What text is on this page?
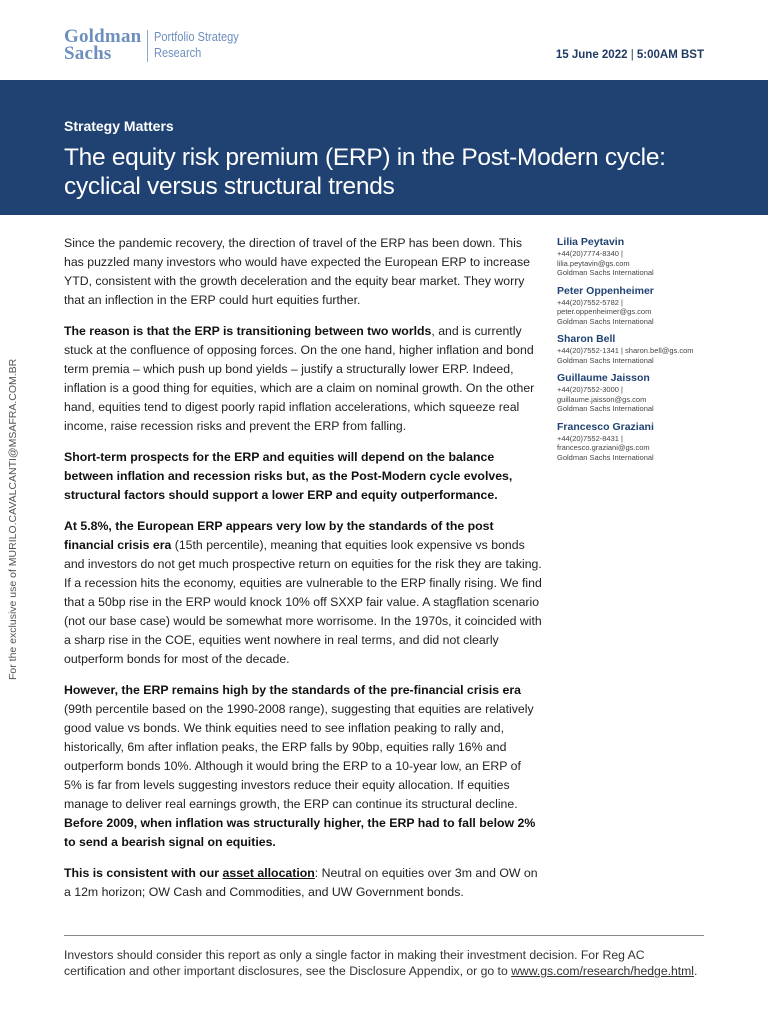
Goldman
Sachs
Portfolio Strategy
Research	15 June 2022 | 5:00AM BST
Strategy Matters
The equity risk premium (ERP) in the Post-Modern cycle:
cyclical versus structural trends
For the exclusive use of MURILO.CAVALCANTI@MSAFRA.COM.BR

Since the pandemic recovery, the direction of travel of the ERP has been down. This has puzzled many investors who would have expected the European ERP to increase YTD, consistent with the growth deceleration and the equity bear market. They worry that an inflection in the ERP could hurt equities further.

The reason is that the ERP is transitioning between two worlds, and is currently stuck at the confluence of opposing forces. On the one hand, higher inflation and bond term premia – which push up bond yields – justify a structurally lower ERP. Indeed, inflation is a good thing for equities, which are a claim on nominal growth. On the other hand, equities tend to digest poorly rapid inflation accelerations, which squeeze real income, raise recession risks and prevent the ERP from falling.

Short-term prospects for the ERP and equities will depend on the balance between inflation and recession risks but, as the Post-Modern cycle evolves, structural factors should support a lower ERP and equity outperformance.

At 5.8%, the European ERP appears very low by the standards of the post financial crisis era (15th percentile), meaning that equities look expensive vs bonds and investors do not get much prospective return on equities for the risk they are taking. If a recession hits the economy, equities are vulnerable to the ERP finally rising. We find that a 50bp rise in the ERP would knock 10% off SXXP fair value. A stagflation scenario (not our base case) would be somewhat more worrisome. In the 1970s, it coincided with a sharp rise in the COE, equities went nowhere in real terms, and did not clearly outperform bonds for most of the decade.

However, the ERP remains high by the standards of the pre-financial crisis era (99th percentile based on the 1990-2008 range), suggesting that equities are relatively good value vs bonds. We think equities need to see inflation peaking to rally and, historically, 6m after inflation peaks, the ERP falls by 90bp, equities rally 16% and outperform bonds 10%. Although it would bring the ERP to a 10-year low, an ERP of 5% is far from levels suggesting investors reduce their equity allocation. If equities manage to deliver real earnings growth, the ERP can continue its structural decline. Before 2009, when inflation was structurally higher, the ERP had to fall below 2% to send a bearish signal on equities.

This is consistent with our asset allocation: Neutral on equities over 3m and OW on a 12m horizon; OW Cash and Commodities, and UW Government bonds.

Lilia Peytavin
+44(20)7774-8340 |
lilia.peytavin@gs.com
Goldman Sachs International
Peter Oppenheimer
+44(20)7552-5782 |
peter.oppenheimer@gs.com
Goldman Sachs International
Sharon Bell
+44(20)7552-1341 | sharon.bell@gs.com
Goldman Sachs International
Guillaume Jaisson
+44(20)7552-3000 |
guillaume.jaisson@gs.com
Goldman Sachs International
Francesco Graziani
+44(20)7552-8431 |
francesco.graziani@gs.com
Goldman Sachs International
Investors should consider this report as only a single factor in making their investment decision. For Reg AC certification and other important disclosures, see the Disclosure Appendix, or go to www.gs.com/research/hedge.html.
